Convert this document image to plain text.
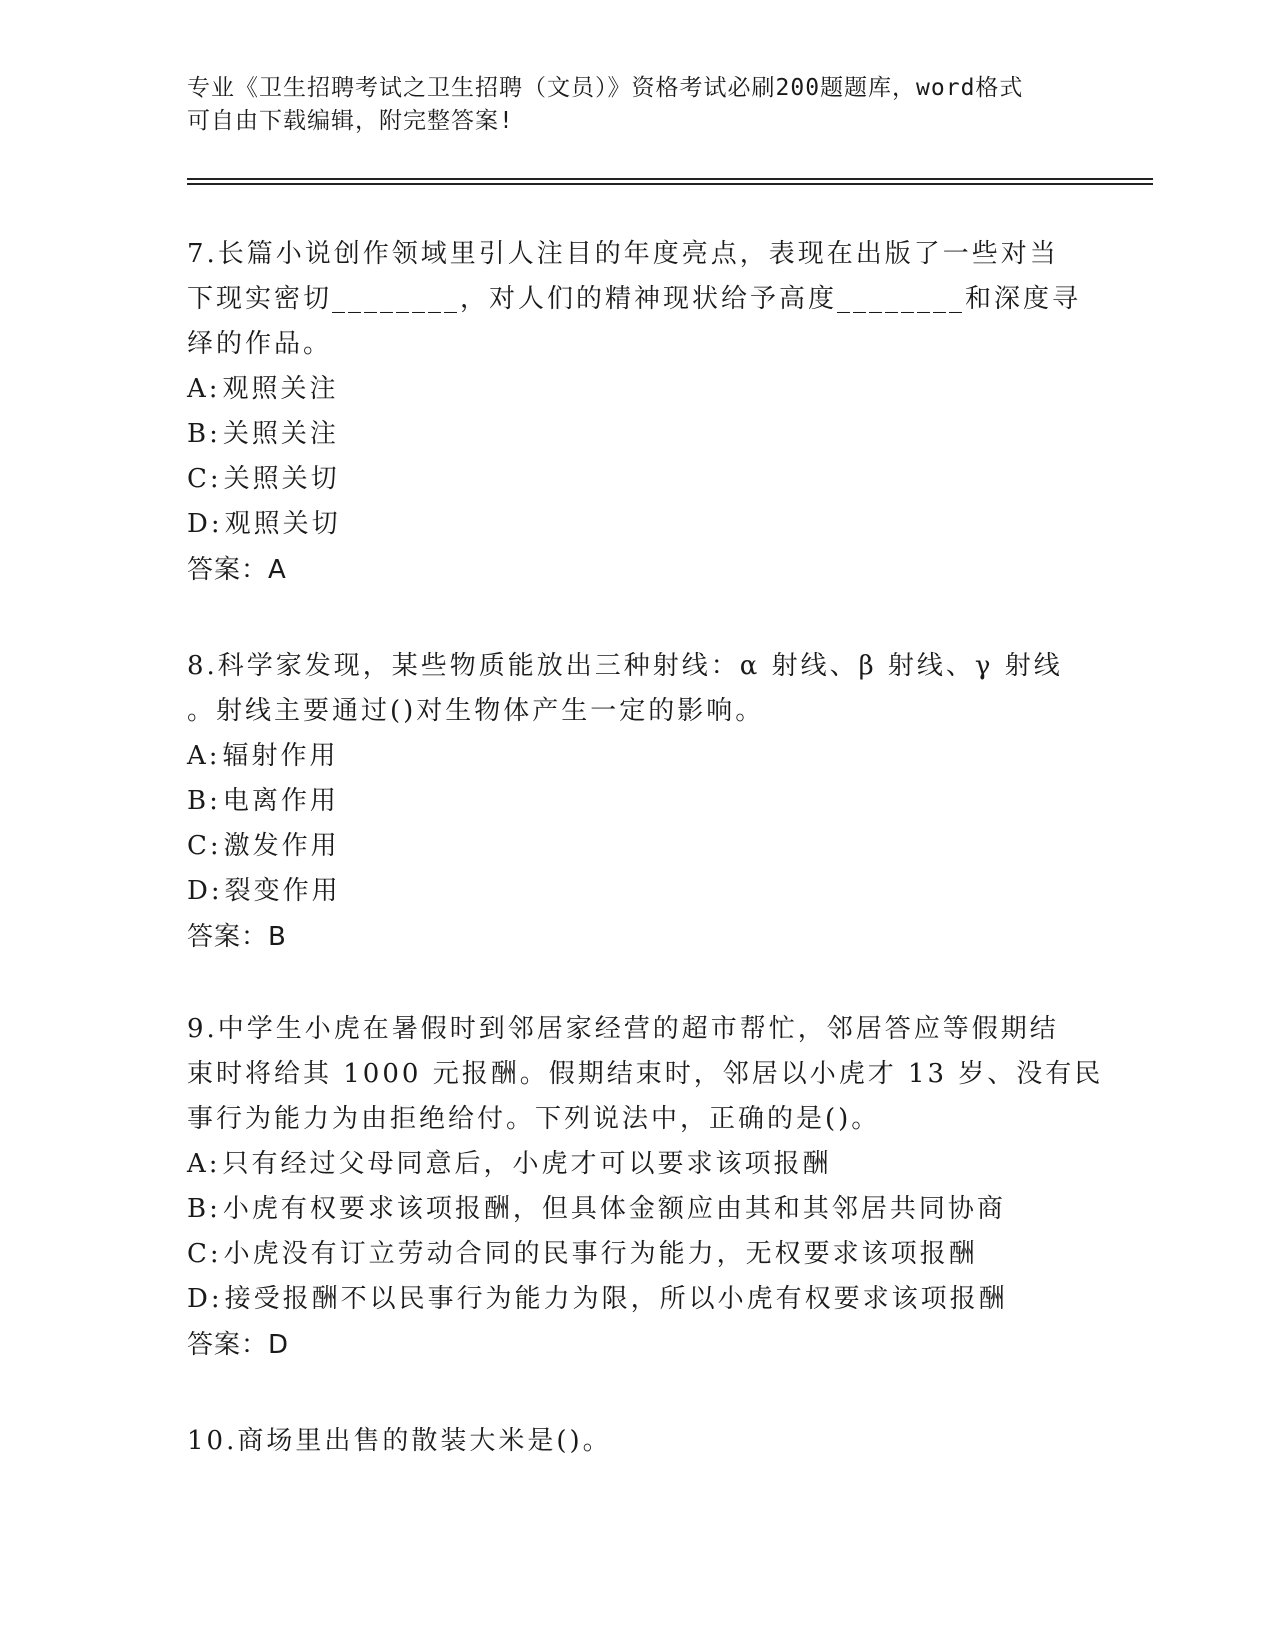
专业《卫生招聘考试之卫生招聘（文员）》资格考试必刷200题题库，word格式
可自由下载编辑，附完整答案!
7.长篇小说创作领域里引人注目的年度亮点，表现在出版了一些对当
下现实密切________，对人们的精神现状给予高度________和深度寻
绎的作品。
A:观照关注
B:关照关注
C:关照关切
D:观照关切
答案：A
8.科学家发现，某些物质能放出三种射线：α 射线、β 射线、γ 射线
。射线主要通过()对生物体产生一定的影响。
A:辐射作用
B:电离作用
C:激发作用
D:裂变作用
答案：B
9.中学生小虎在暑假时到邻居家经营的超市帮忙，邻居答应等假期结
束时将给其 1000 元报酬。假期结束时，邻居以小虎才 13 岁、没有民
事行为能力为由拒绝给付。下列说法中，正确的是()。
A:只有经过父母同意后，小虎才可以要求该项报酬
B:小虎有权要求该项报酬，但具体金额应由其和其邻居共同协商
C:小虎没有订立劳动合同的民事行为能力，无权要求该项报酬
D:接受报酬不以民事行为能力为限，所以小虎有权要求该项报酬
答案：D
10.商场里出售的散装大米是()。
